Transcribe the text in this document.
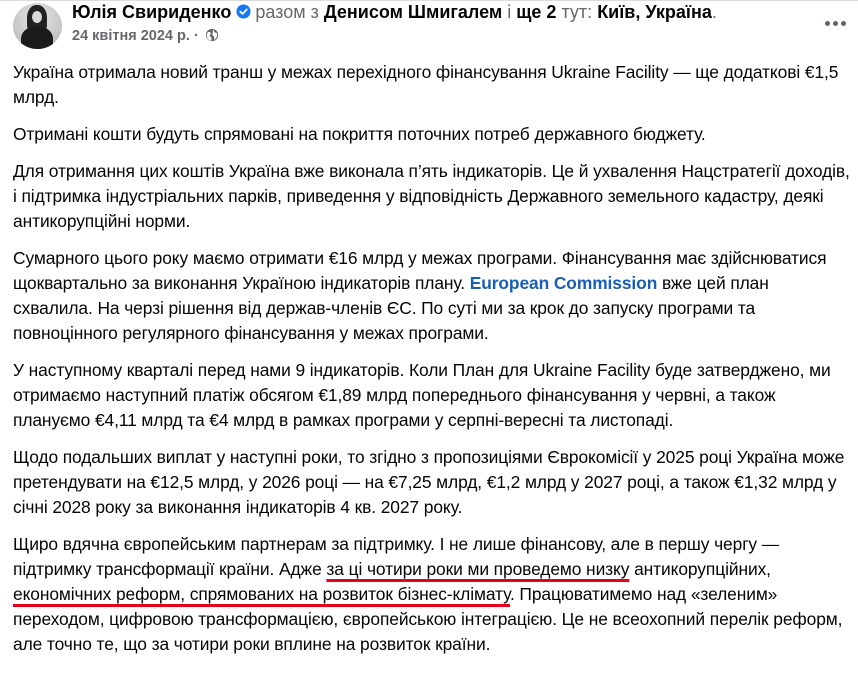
Юлія Свириденко разом з Денисом Шмигалем і ще 2 тут: Київ, Україна.
24 квітня 2024 р. ·

Україна отримала новий транш у межах перехідного фінансування Ukraine Facility — ще додаткові €1,5 млрд.

Отримані кошти будуть спрямовані на покриття поточних потреб державного бюджету.

Для отримання цих коштів Україна вже виконала п’ять індикаторів. Це й ухвалення Нацстратегії доходів, і підтримка індустріальних парків, приведення у відповідність Державного земельного кадастру, деякі антикорупційні норми.

Сумарного цього року маємо отримати €16 млрд у межах програми. Фінансування має здійснюватися щоквартально за виконання Україною індикаторів плану. European Commission вже цей план схвалила. На черзі рішення від держав-членів ЄС. По суті ми за крок до запуску програми та повноцінного регулярного фінансування у межах програми.

У наступному кварталі перед нами 9 індикаторів. Коли План для Ukraine Facility буде затверджено, ми отримаємо наступний платіж обсягом €1,89 млрд попереднього фінансування у червні, а також плануємо €4,11 млрд та €4 млрд в рамках програми у серпні-вересні та листопаді.

Щодо подальших виплат у наступні роки, то згідно з пропозиціями Єврокомісії у 2025 році Україна може претендувати на €12,5 млрд, у 2026 році — на €7,25 млрд, €1,2 млрд у 2027 році, а також €1,32 млрд у січні 2028 року за виконання індикаторів 4 кв. 2027 року.

Щиро вдячна європейським партнерам за підтримку. І не лише фінансову, але в першу чергу — підтримку трансформації країни. Адже за ці чотири роки ми проведемо низку антикорупційних, економічних реформ, спрямованих на розвиток бізнес-клімату. Працюватимемо над «зеленим» переходом, цифровою трансформацією, європейською інтеграцією. Це не всеохопний перелік реформ, але точно те, що за чотири роки вплине на розвиток країни.
